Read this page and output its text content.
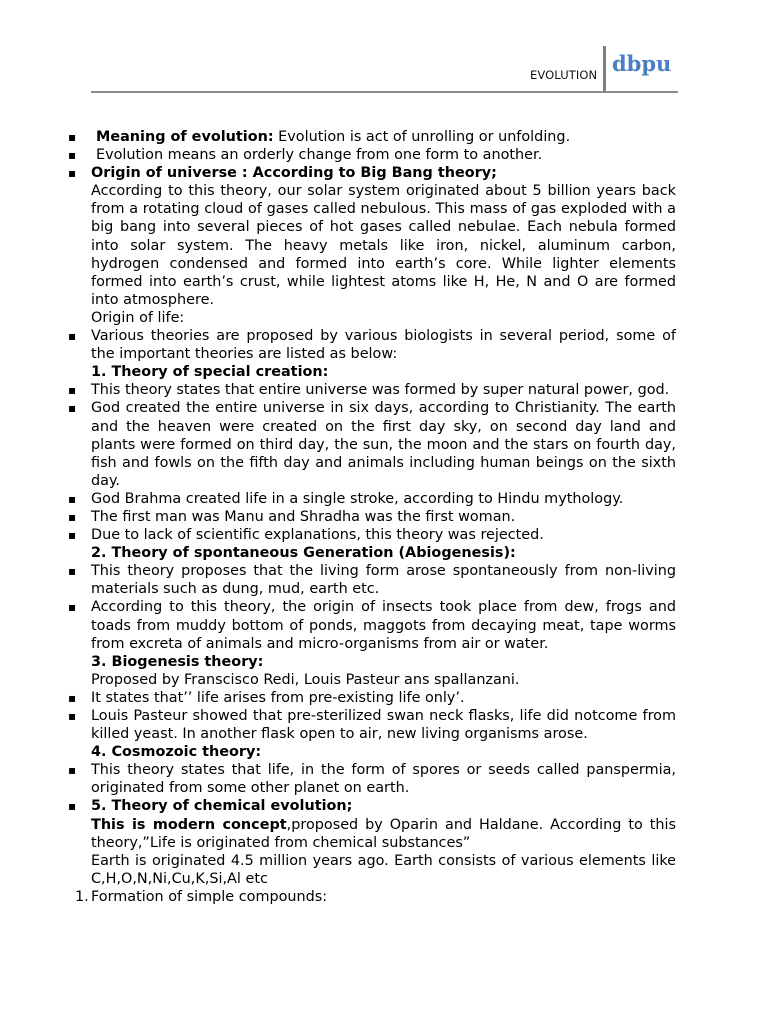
EVOLUTION dbpu
▪ Meaning of evolution: Evolution is act of unrolling or unfolding.
▪ Evolution means an orderly change from one form to another.
▪ Origin of universe : According to Big Bang theory;
According to this theory, our solar system originated about 5 billion years back from a rotating cloud of gases called nebulous. This mass of gas exploded with a big bang into several pieces of hot gases called nebulae. Each nebula formed into solar system. The heavy metals like iron, nickel, aluminum carbon, hydrogen condensed and formed into earth’s core. While lighter elements formed into earth’s crust, while lightest atoms like H, He, N and O are formed into atmosphere.
Origin of life:
▪ Various theories are proposed by various biologists in several period, some of the important theories are listed as below:
1. Theory of special creation:
▪ This theory states that entire universe was formed by super natural power, god.
▪ God created the entire universe in six days, according to Christianity. The earth and the heaven were created on the first day sky, on second day land and plants were formed on third day, the sun, the moon and the stars on fourth day, fish and fowls on the fifth day and animals including human beings on the sixth day.
▪ God Brahma created life in a single stroke, according to Hindu mythology.
▪ The first man was Manu and Shradha was the first woman.
▪ Due to lack of scientific explanations, this theory was rejected.
2. Theory of spontaneous Generation (Abiogenesis):
▪ This theory proposes that the living form arose spontaneously from non-living materials such as dung, mud, earth etc.
▪ According to this theory, the origin of insects took place from dew, frogs and toads from muddy bottom of ponds, maggots from decaying meat, tape worms from excreta of animals and micro-organisms from air or water.
3. Biogenesis theory:
Proposed by Franscisco Redi, Louis Pasteur ans spallanzani.
▪ It states that’’ life arises from pre-existing life only’.
▪ Louis Pasteur showed that pre-sterilized swan neck flasks, life did notcome from killed yeast. In another flask open to air, new living organisms arose.
4. Cosmozoic theory:
▪ This theory states that life, in the form of spores or seeds called panspermia, originated from some other planet on earth.
▪ 5. Theory of chemical evolution;
This is modern concept,proposed by Oparin and Haldane. According to this theory,”Life is originated from chemical substances”
Earth is originated 4.5 million years ago. Earth consists of various elements like C,H,O,N,Ni,Cu,K,Si,Al etc
1. Formation of simple compounds:
